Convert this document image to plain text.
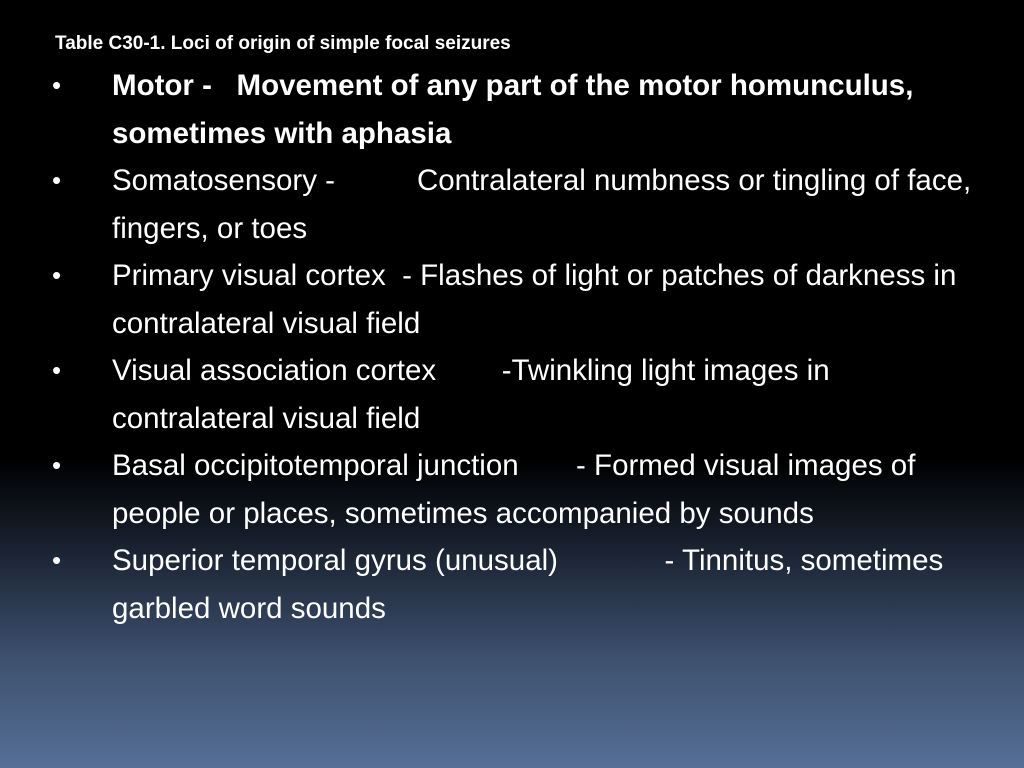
Table C30-1. Loci of origin of simple focal seizures
• Motor -   Movement of any part of the motor homunculus, sometimes with aphasia
• Somatosensory -          Contralateral numbness or tingling of face, fingers, or toes
• Primary visual cortex  - Flashes of light or patches of darkness in contralateral visual field
• Visual association cortex        -Twinkling light images in contralateral visual field
• Basal occipitotemporal junction       - Formed visual images of people or places, sometimes accompanied by sounds
• Superior temporal gyrus (unusual)             - Tinnitus, sometimes garbled word sounds
